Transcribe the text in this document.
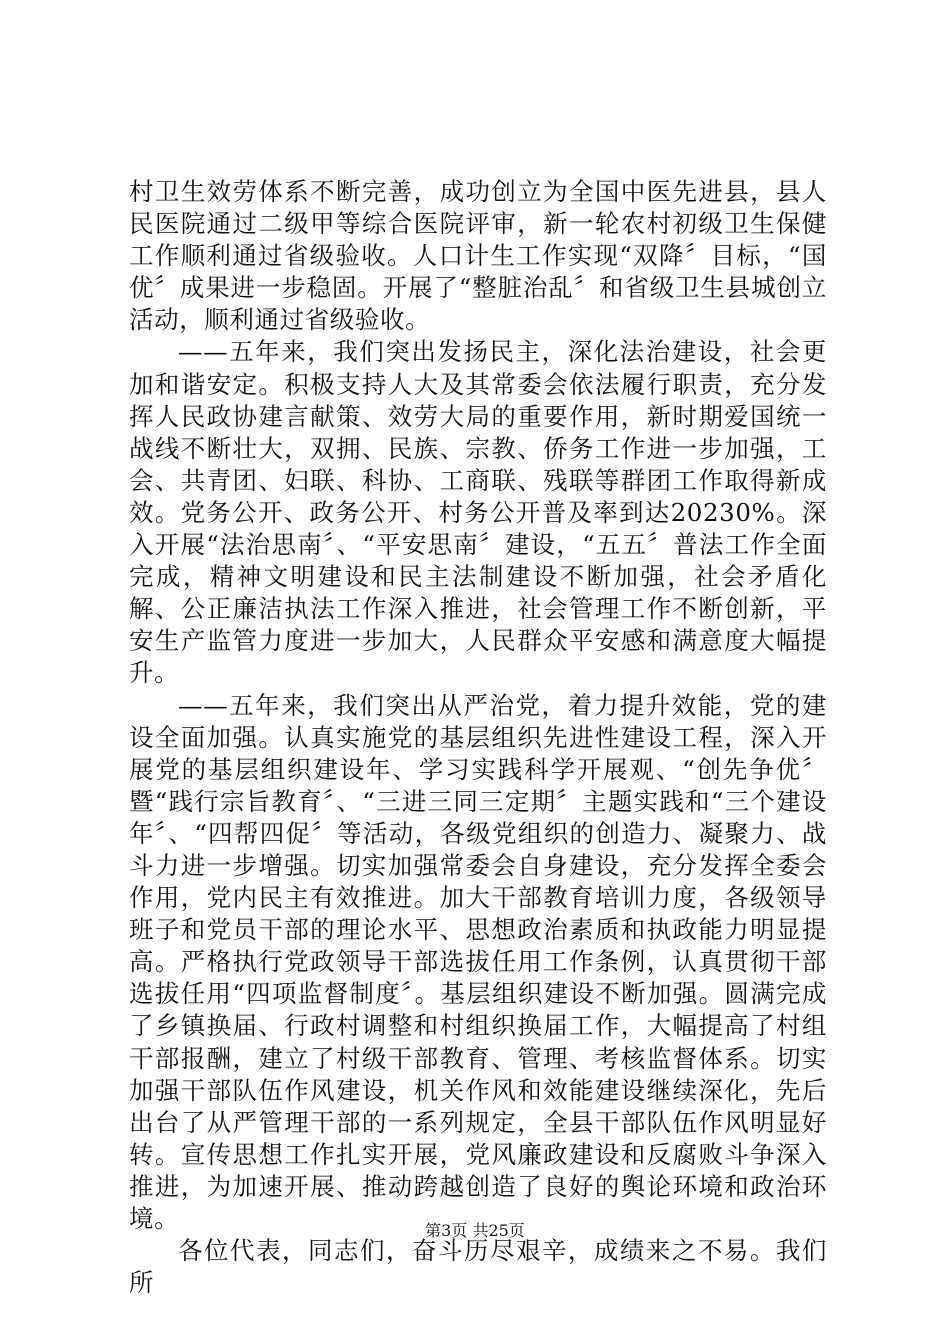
村卫生效劳体系不断完善，成功创立为全国中医先进县，县人民医院通过二级甲等综合医院评审，新一轮农村初级卫生保健工作顺利通过省级验收。人口计生工作实现“双降〞目标，“国优〞成果进一步稳固。开展了“整脏治乱〞和省级卫生县城创立活动，顺利通过省级验收。

——五年来，我们突出发扬民主，深化法治建设，社会更加和谐安定。积极支持人大及其常委会依法履行职责，充分发挥人民政协建言献策、效劳大局的重要作用，新时期爱国统一战线不断壮大，双拥、民族、宗教、侨务工作进一步加强，工会、共青团、妇联、科协、工商联、残联等群团工作取得新成效。党务公开、政务公开、村务公开普及率到达20230%。深入开展“法治思南〞、“平安思南〞建设，“五五〞普法工作全面完成，精神文明建设和民主法制建设不断加强，社会矛盾化解、公正廉洁执法工作深入推进，社会管理工作不断创新，平安生产监管力度进一步加大，人民群众平安感和满意度大幅提升。

——五年来，我们突出从严治党，着力提升效能，党的建设全面加强。认真实施党的基层组织先进性建设工程，深入开展党的基层组织建设年、学习实践科学开展观、“创先争优〞暨“践行宗旨教育〞、“三进三同三定期〞主题实践和“三个建设年〞、“四帮四促〞等活动，各级党组织的创造力、凝聚力、战斗力进一步增强。切实加强常委会自身建设，充分发挥全委会作用，党内民主有效推进。加大干部教育培训力度，各级领导班子和党员干部的理论水平、思想政治素质和执政能力明显提高。严格执行党政领导干部选拔任用工作条例，认真贯彻干部选拔任用“四项监督制度〞。基层组织建设不断加强。圆满完成了乡镇换届、行政村调整和村组织换届工作，大幅提高了村组干部报酬，建立了村级干部教育、管理、考核监督体系。切实加强干部队伍作风建设，机关作风和效能建设继续深化，先后出台了从严管理干部的一系列规定，全县干部队伍作风明显好转。宣传思想工作扎实开展，党风廉政建设和反腐败斗争深入推进，为加速开展、推动跨越创造了良好的舆论环境和政治环境。

各位代表，同志们，奋斗历尽艰辛，成绩来之不易。我们所

第3页 共25页
